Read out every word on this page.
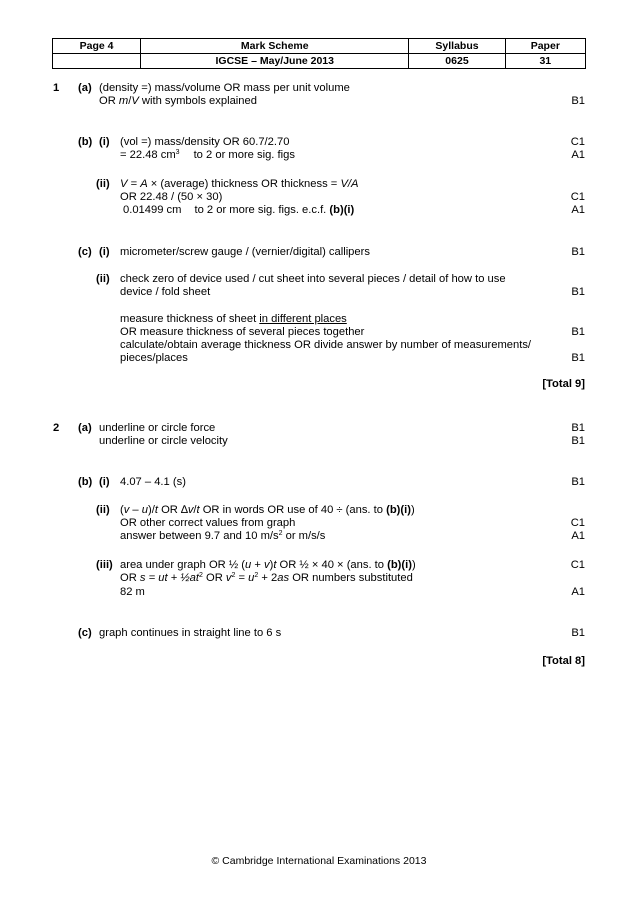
Page 4	Mark Scheme	Syllabus	Paper
	IGCSE – May/June 2013	0625	31
1 (a) (density =) mass/volume OR mass per unit volume
OR m/V with symbols explained	B1
(b) (i) (vol =) mass/density OR 60.7/2.70	C1
= 22.48 $cm^3$ to 2 or more sig. figs	A1
(ii) V = A × (average) thickness OR thickness = V/A
OR 22.48 / (50 × 30)	C1
0.01499 cm to 2 or more sig. figs. e.c.f. (b)(i)	A1
(c) (i) micrometer/screw gauge / (vernier/digital) callipers	B1
(ii) check zero of device used / cut sheet into several pieces / detail of how to use
device / fold sheet	B1
measure thickness of sheet in different places
OR measure thickness of several pieces together	B1
calculate/obtain average thickness OR divide answer by number of measurements/
pieces/places	B1
[Total 9]
2 (a) underline or circle force	B1
underline or circle velocity	B1
(b) (i) 4.07 – 4.1 (s)	B1
(ii) (v – u)/t OR ∆v/t OR in words OR use of 40 ÷ (ans. to (b)(i))
OR other correct values from graph	C1
answer between 9.7 and 10 $m/s^2$ or m/s/s	A1
(iii) area under graph OR ½ (u + v)t OR ½ × 40 × (ans. to (b)(i))	C1
OR s = ut + $\frac{1}{2}at^2$ OR $v^2 = u^2 + 2as$ OR numbers substituted
82 m	A1
(c) graph continues in straight line to 6 s	B1
[Total 8]
© Cambridge International Examinations 2013
